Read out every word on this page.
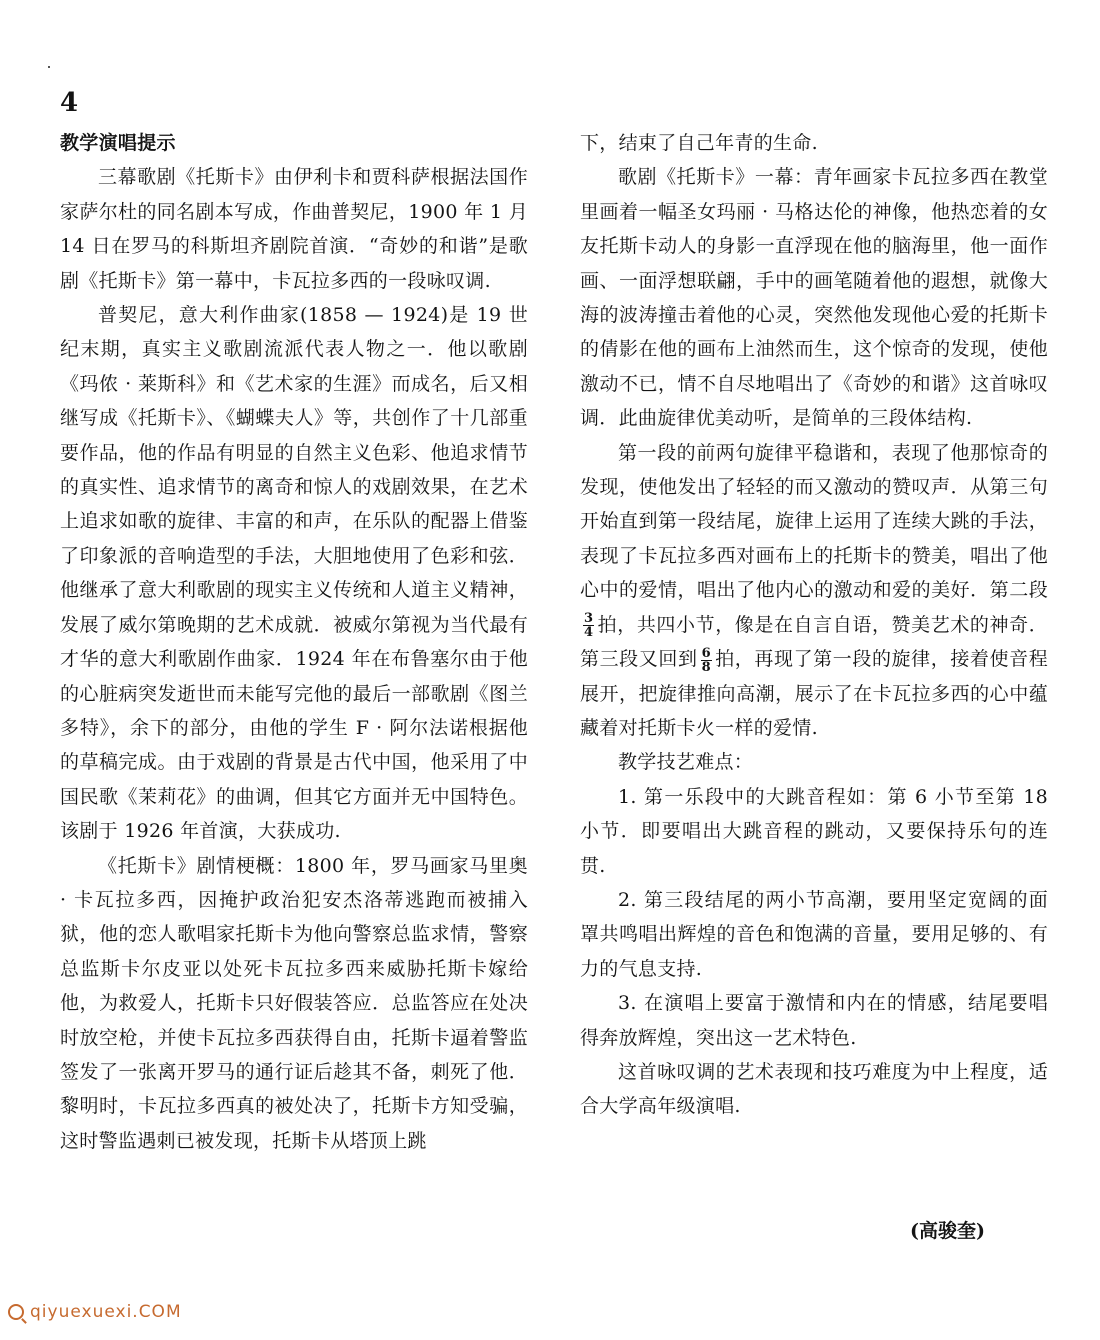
4
教学演唱提示

三幕歌剧《托斯卡》由伊利卡和贾科萨根据法国作家萨尔杜的同名剧本写成，作曲普契尼，1900 年 1 月 14 日在罗马的科斯坦齐剧院首演．“奇妙的和谐”是歌剧《托斯卡》第一幕中，卡瓦拉多西的一段咏叹调.

普契尼，意大利作曲家(1858 — 1924)是 19 世纪末期，真实主义歌剧流派代表人物之一．他以歌剧《玛侬 · 莱斯科》和《艺术家的生涯》而成名，后又相继写成《托斯卡》、《蝴蝶夫人》等，共创作了十几部重要作品，他的作品有明显的自然主义色彩、他追求情节的真实性、追求情节的离奇和惊人的戏剧效果，在艺术上追求如歌的旋律、丰富的和声，在乐队的配器上借鉴了印象派的音响造型的手法，大胆地使用了色彩和弦．他继承了意大利歌剧的现实主义传统和人道主义精神，发展了威尔第晚期的艺术成就．被威尔第视为当代最有才华的意大利歌剧作曲家．1924 年在布鲁塞尔由于他的心脏病突发逝世而未能写完他的最后一部歌剧《图兰多特》，余下的部分，由他的学生 F · 阿尔法诺根据他的草稿完成。由于戏剧的背景是古代中国，他采用了中国民歌《茉莉花》的曲调，但其它方面并无中国特色。该剧于 1926 年首演，大获成功.

《托斯卡》剧情梗概：1800 年，罗马画家马里奥 · 卡瓦拉多西，因掩护政治犯安杰洛蒂逃跑而被捕入狱，他的恋人歌唱家托斯卡为他向警察总监求情，警察总监斯卡尔皮亚以处死卡瓦拉多西来威胁托斯卡嫁给他，为救爱人，托斯卡只好假装答应．总监答应在处决时放空枪，并使卡瓦拉多西获得自由，托斯卡逼着警监签发了一张离开罗马的通行证后趁其不备，刺死了他．黎明时，卡瓦拉多西真的被处决了，托斯卡方知受骗，这时警监遇刺已被发现，托斯卡从塔顶上跳

下，结束了自己年青的生命.

歌剧《托斯卡》一幕：青年画家卡瓦拉多西在教堂里画着一幅圣女玛丽 · 马格达伦的神像，他热恋着的女友托斯卡动人的身影一直浮现在他的脑海里，他一面作画、一面浮想联翩，手中的画笔随着他的遐想，就像大海的波涛撞击着他的心灵，突然他发现他心爱的托斯卡的倩影在他的画布上油然而生，这个惊奇的发现，使他激动不已，情不自尽地唱出了《奇妙的和谐》这首咏叹调．此曲旋律优美动听，是简单的三段体结构.

第一段的前两句旋律平稳谐和，表现了他那惊奇的发现，使他发出了轻轻的而又激动的赞叹声．从第三句开始直到第一段结尾，旋律上运用了连续大跳的手法，表现了卡瓦拉多西对画布上的托斯卡的赞美，唱出了他心中的爱情，唱出了他内心的激动和爱的美好．第二段
$\frac{3}{4}$ 拍，共四小节，像是在自言自语，赞美艺术的神奇．第三段又回到 $\frac{6}{8}$ 拍，再现了第一段的旋律，接着使音程展开，把旋律推向高潮，展示了在卡瓦拉多西的心中蕴藏着对托斯卡火一样的爱情.

教学技艺难点：

1. 第一乐段中的大跳音程如：第 6 小节至第 18 小节．即要唱出大跳音程的跳动，又要保持乐句的连贯.

2. 第三段结尾的两小节高潮，要用坚定宽阔的面罩共鸣唱出辉煌的音色和饱满的音量，要用足够的、有力的气息支持.

3. 在演唱上要富于激情和内在的情感，结尾要唱得奔放辉煌，突出这一艺术特色.

这首咏叹调的艺术表现和技巧难度为中上程度，适合大学高年级演唱.

(高骏奎)
qiyuexuexi.COM
